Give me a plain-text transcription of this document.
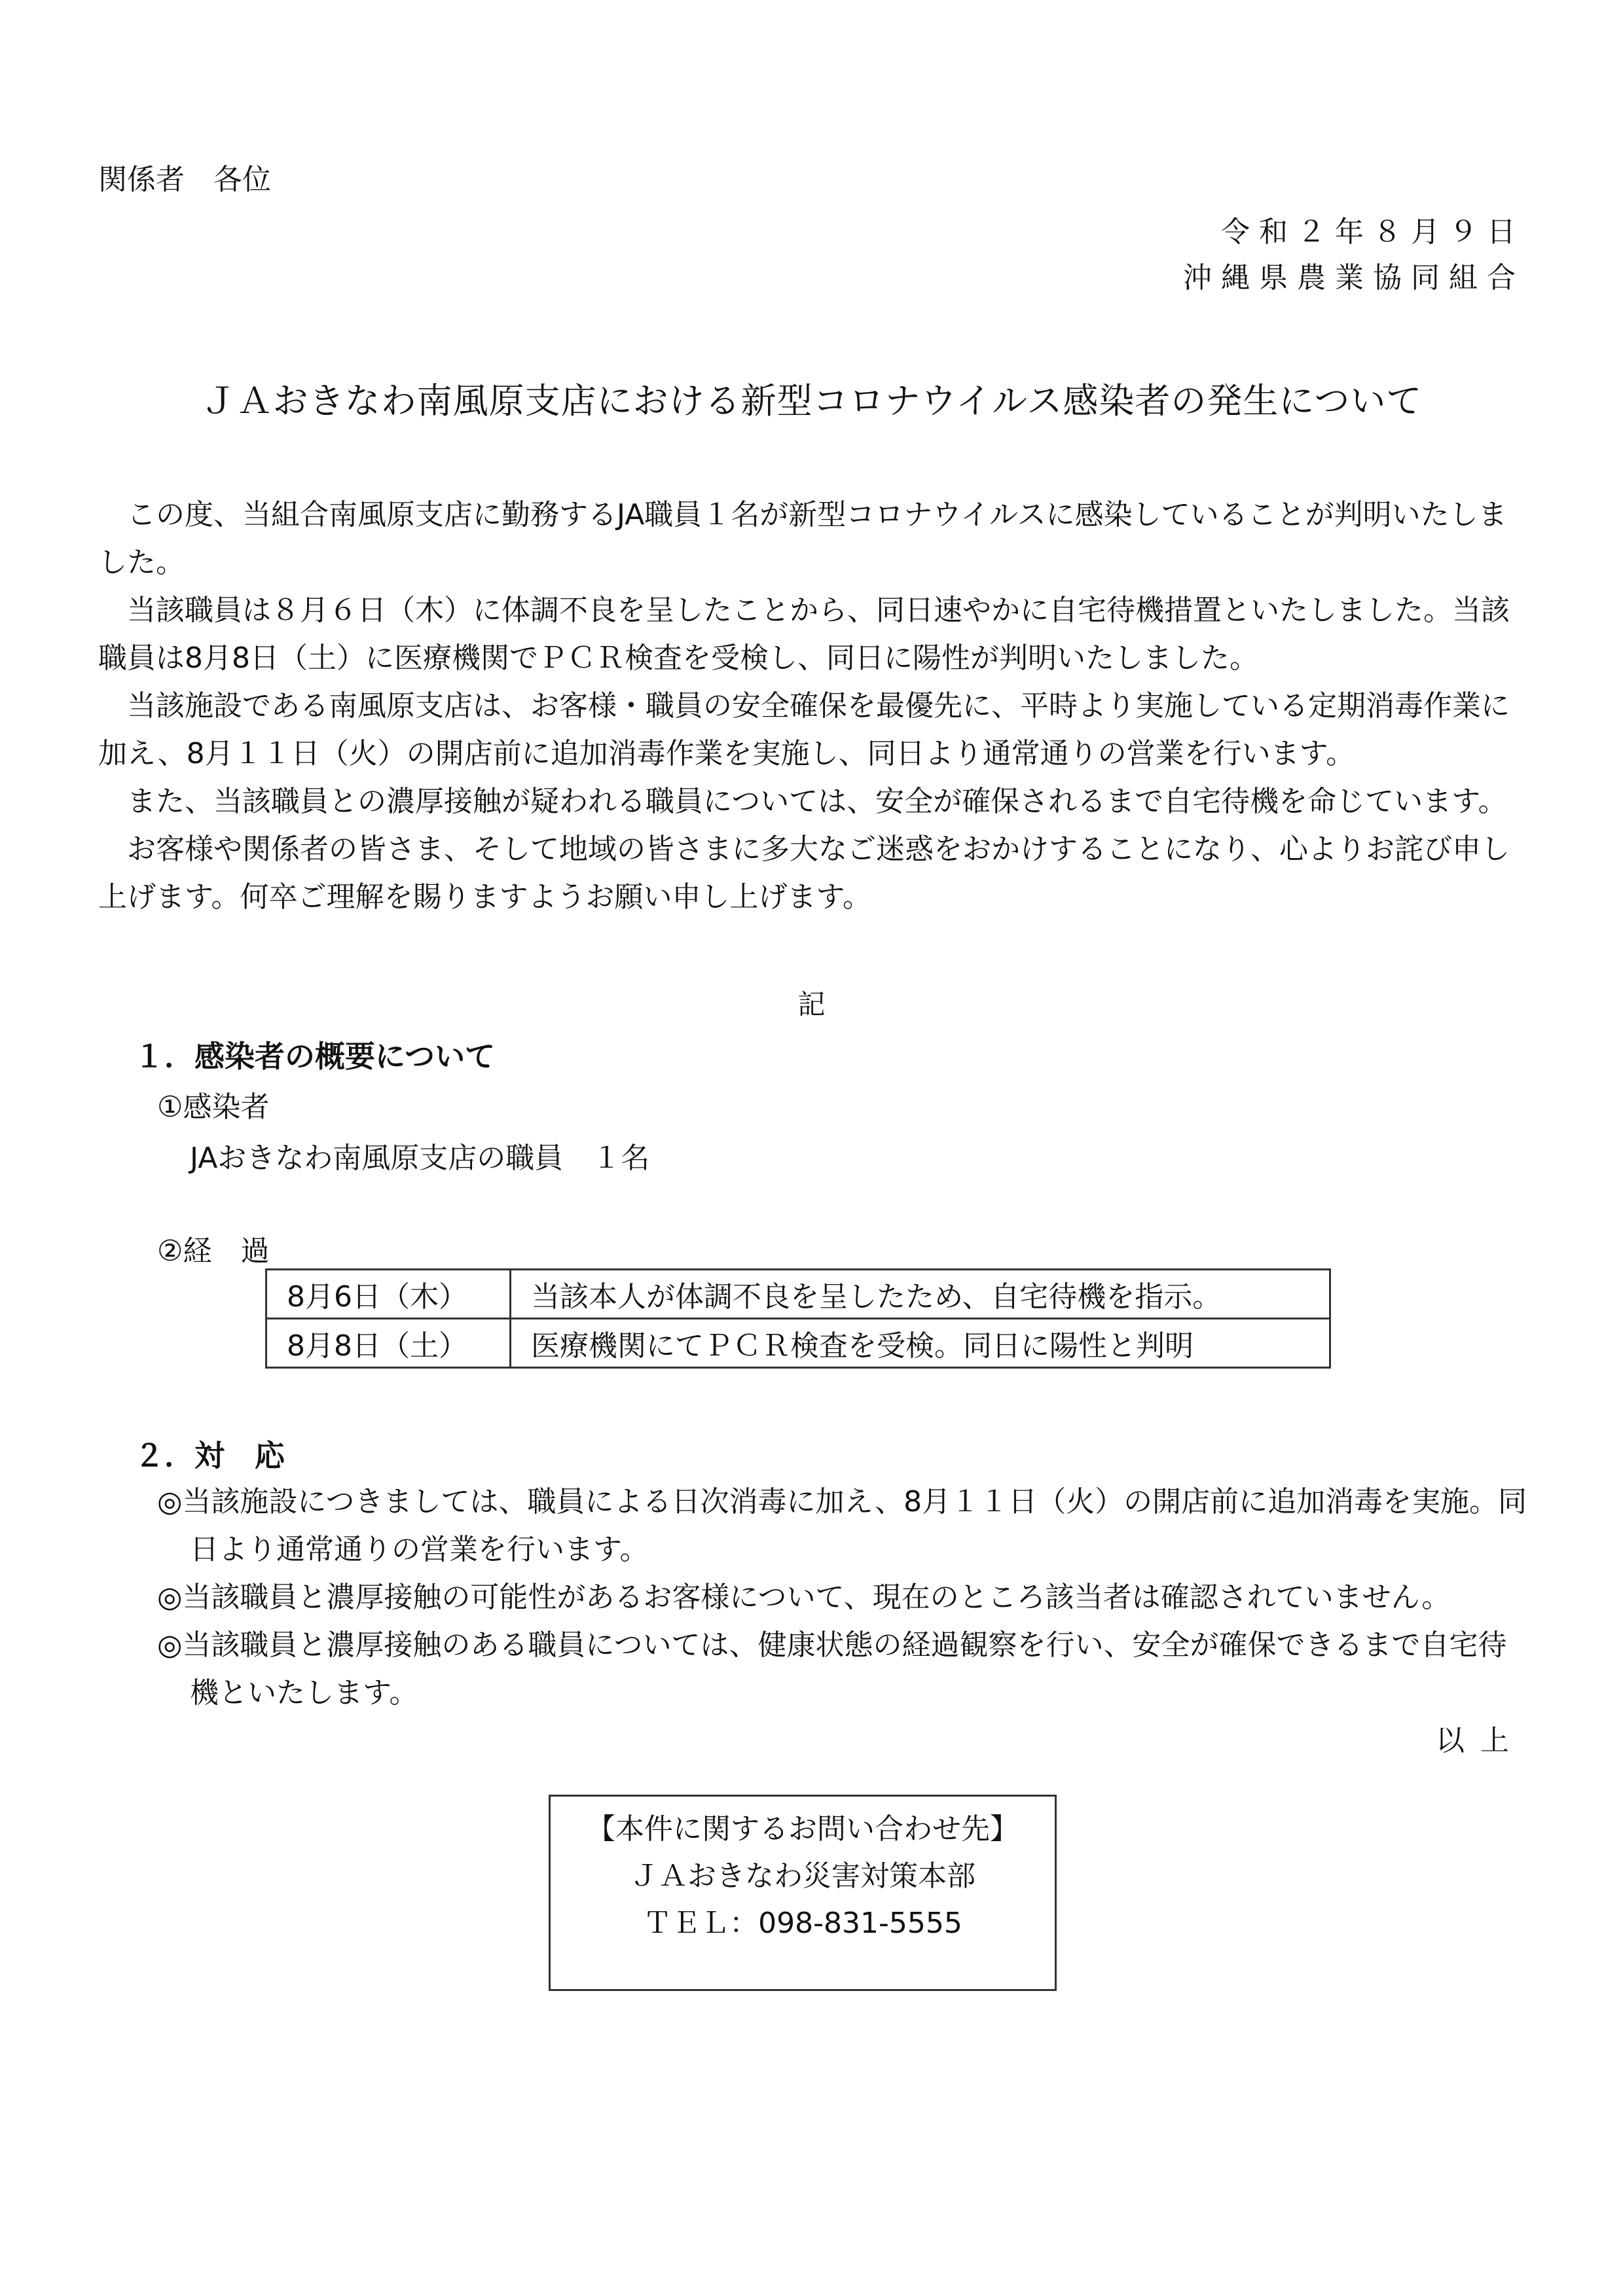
関係者　各位
令和２年８月９日
沖縄県農業協同組合
ＪＡおきなわ南風原支店における新型コロナウイルス感染者の発生について

この度、当組合南風原支店に勤務するJA職員１名が新型コロナウイルスに感染していることが判明いたしました。

当該職員は８月６日（木）に体調不良を呈したことから、同日速やかに自宅待機措置といたしました。当該職員は8月8日（土）に医療機関でＰＣＲ検査を受検し、同日に陽性が判明いたしました。

当該施設である南風原支店は、お客様・職員の安全確保を最優先に、平時より実施している定期消毒作業に加え、8月１１日（火）の開店前に追加消毒作業を実施し、同日より通常通りの営業を行います。

また、当該職員との濃厚接触が疑われる職員については、安全が確保されるまで自宅待機を命じています。

お客様や関係者の皆さま、そして地域の皆さまに多大なご迷惑をおかけすることになり、心よりお詫び申し上げます。何卒ご理解を賜りますようお願い申し上げます。

記
１．感染者の概要について
①感染者
JAおきなわ南風原支店の職員　１名
②経　過
8月6日（木）	当該本人が体調不良を呈したため、自宅待機を指示。
8月8日（土）	医療機関にてＰＣＲ検査を受検。同日に陽性と判明
２．対　応

◎当該施設につきましては、職員による日次消毒に加え、8月１１日（火）の開店前に追加消毒を実施。同日より通常通りの営業を行います。

◎当該職員と濃厚接触の可能性があるお客様について、現在のところ該当者は確認されていません。

◎当該職員と濃厚接触のある職員については、健康状態の経過観察を行い、安全が確保できるまで自宅待機といたします。

以上
【本件に関するお問い合わせ先】
ＪＡおきなわ災害対策本部
ＴＥＬ：098-831-5555
